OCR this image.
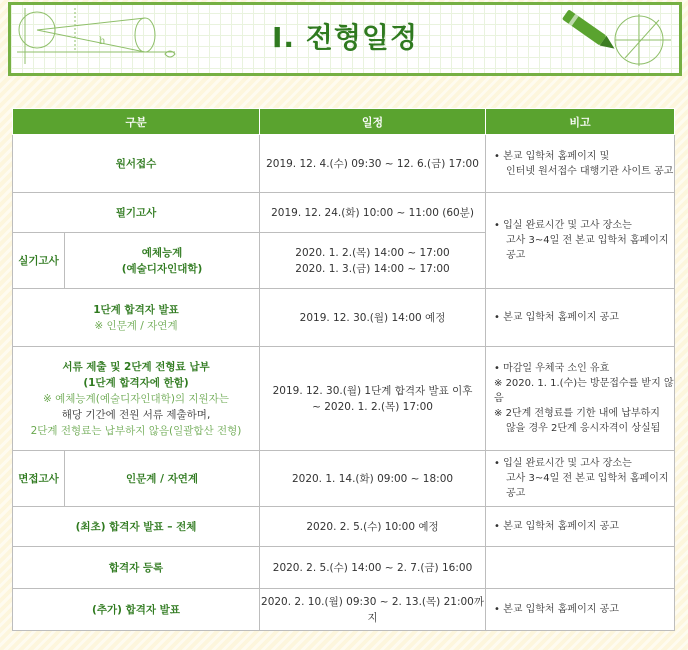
h	Ⅰ. 전형일정
구분		일정	비고
원서접수		2019. 12. 4.(수) 09:30 ~ 12. 6.(금) 17:00	• 본교 입학처 홈페이지 및
인터넷 원서접수 대행기관 사이트 공고

필기고사		2019. 12. 24.(화) 10:00 ~ 11:00 (60분)	• 입실 완료시간 및 고사 장소는
고사 3~4일 전 본교 입학처 홈페이지 공고

실기고사	예체능계
(예술디자인대학)	2020. 1. 2.(목) 14:00 ~ 17:00
2020. 1. 3.(금) 14:00 ~ 17:00	

1단계 합격자 발표
※ 인문계 / 자연계		2019. 12. 30.(월) 14:00 예정	• 본교 입학처 홈페이지 공고

서류 제출 및 2단계 전형료 납부
(1단계 합격자에 한함)
※ 예체능계(예술디자인대학)의 지원자는
해당 기간에 전원 서류 제출하며,
2단계 전형료는 납부하지 않음(일괄합산 전형)		2019. 12. 30.(월) 1단계 합격자 발표 이후
~ 2020. 1. 2.(목) 17:00	• 마감일 우체국 소인 유효
※ 2020. 1. 1.(수)는 방문접수를 받지 않음
※ 2단계 전형료를 기한 내에 납부하지
않을 경우 2단계 응시자격이 상실됨

면접고사	인문계 / 자연계	2020. 1. 14.(화) 09:00 ~ 18:00	• 입실 완료시간 및 고사 장소는
고사 3~4일 전 본교 입학처 홈페이지 공고

(최초) 합격자 발표 – 전체		2020. 2. 5.(수) 10:00 예정	• 본교 입학처 홈페이지 공고

합격자 등록		2020. 2. 5.(수) 14:00 ~ 2. 7.(금) 16:00	
(추가) 합격자 발표		2020. 2. 10.(월) 09:30 ~ 2. 13.(목) 21:00까지	• 본교 입학처 홈페이지 공고
